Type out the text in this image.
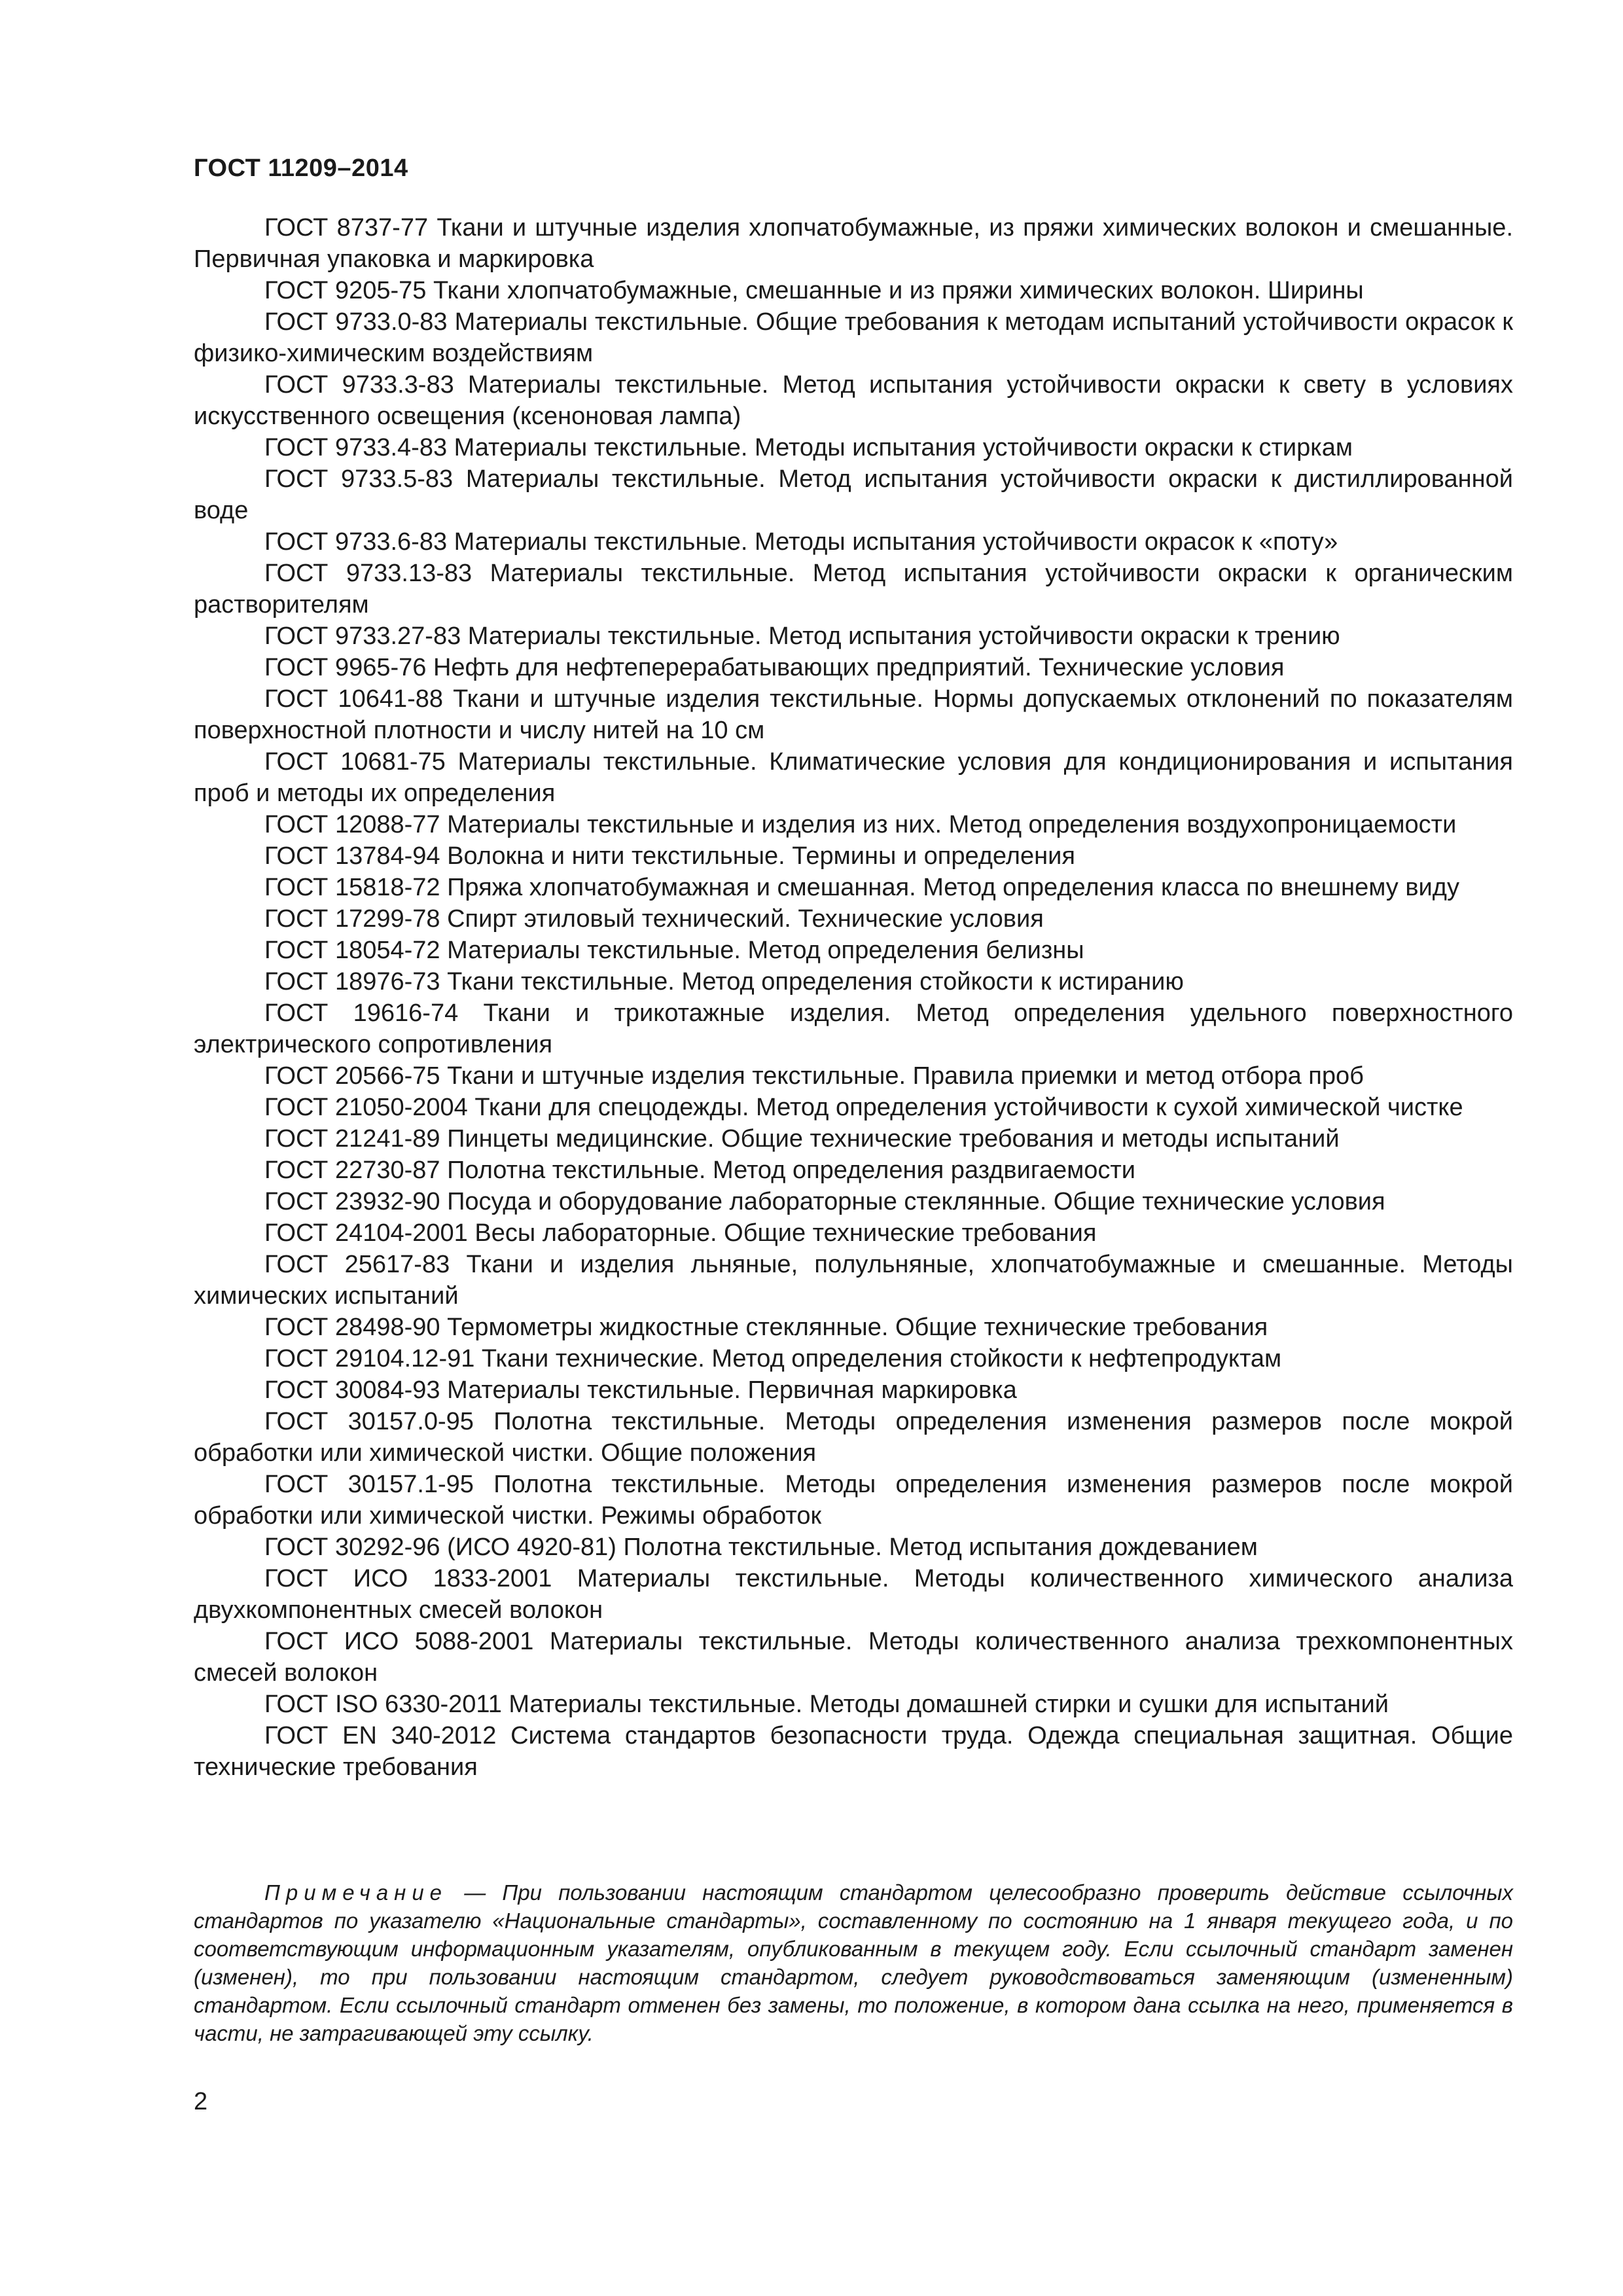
ГОСТ 11209–2014
ГОСТ 8737-77 Ткани и штучные изделия хлопчатобумажные, из пряжи химических волокон и смешанные. Первичная упаковка и маркировка
ГОСТ 9205-75 Ткани хлопчатобумажные, смешанные и из пряжи химических волокон. Ширины
ГОСТ 9733.0-83 Материалы текстильные. Общие требования к методам испытаний устойчивости окрасок к физико-химическим воздействиям
ГОСТ 9733.3-83 Материалы текстильные. Метод испытания устойчивости окраски к свету в условиях искусственного освещения (ксеноновая лампа)
ГОСТ 9733.4-83 Материалы текстильные. Методы испытания устойчивости окраски к стиркам
ГОСТ 9733.5-83 Материалы текстильные. Метод испытания устойчивости окраски к дистиллированной воде
ГОСТ 9733.6-83 Материалы текстильные. Методы испытания устойчивости окрасок к «поту»
ГОСТ 9733.13-83 Материалы текстильные. Метод испытания устойчивости окраски к органическим растворителям
ГОСТ 9733.27-83 Материалы текстильные. Метод испытания устойчивости окраски к трению
ГОСТ 9965-76 Нефть для нефтеперерабатывающих предприятий. Технические условия
ГОСТ 10641-88 Ткани и штучные изделия текстильные. Нормы допускаемых отклонений по показателям поверхностной плотности и числу нитей на 10 см
ГОСТ 10681-75 Материалы текстильные. Климатические условия для кондиционирования и испытания проб и методы их определения
ГОСТ 12088-77 Материалы текстильные и изделия из них. Метод определения воздухопроницаемости
ГОСТ 13784-94 Волокна и нити текстильные. Термины и определения
ГОСТ 15818-72 Пряжа хлопчатобумажная и смешанная. Метод определения класса по внешнему виду
ГОСТ 17299-78 Спирт этиловый технический. Технические условия
ГОСТ 18054-72 Материалы текстильные. Метод определения белизны
ГОСТ 18976-73 Ткани текстильные. Метод определения стойкости к истиранию
ГОСТ 19616-74 Ткани и трикотажные изделия. Метод определения удельного поверхностного электрического сопротивления
ГОСТ 20566-75 Ткани и штучные изделия текстильные. Правила приемки и метод отбора проб
ГОСТ 21050-2004 Ткани для спецодежды. Метод определения устойчивости к сухой химической чистке
ГОСТ 21241-89 Пинцеты медицинские. Общие технические требования и методы испытаний
ГОСТ 22730-87 Полотна текстильные. Метод определения раздвигаемости
ГОСТ 23932-90 Посуда и оборудование лабораторные стеклянные. Общие технические условия
ГОСТ 24104-2001 Весы лабораторные. Общие технические требования
ГОСТ 25617-83 Ткани и изделия льняные, полульняные, хлопчатобумажные и смешанные. Методы химических испытаний
ГОСТ 28498-90 Термометры жидкостные стеклянные. Общие технические требования
ГОСТ 29104.12-91 Ткани технические. Метод определения стойкости к нефтепродуктам
ГОСТ 30084-93 Материалы текстильные. Первичная маркировка
ГОСТ 30157.0-95 Полотна текстильные. Методы определения изменения размеров после мокрой обработки или химической чистки. Общие положения
ГОСТ 30157.1-95 Полотна текстильные. Методы определения изменения размеров после мокрой обработки или химической чистки. Режимы обработок
ГОСТ 30292-96 (ИСО 4920-81) Полотна текстильные. Метод испытания дождеванием
ГОСТ ИСО 1833-2001 Материалы текстильные. Методы количественного химического анализа двухкомпонентных смесей волокон
ГОСТ ИСО 5088-2001 Материалы текстильные. Методы количественного анализа трехкомпонентных смесей волокон
ГОСТ ISO 6330-2011 Материалы текстильные. Методы домашней стирки и сушки для испытаний
ГОСТ EN 340-2012 Система стандартов безопасности труда. Одежда специальная защитная. Общие технические требования

Примечание — При пользовании настоящим стандартом целесообразно проверить действие ссылочных стандартов по указателю «Национальные стандарты», составленному по состоянию на 1 января текущего года, и по соответствующим информационным указателям, опубликованным в текущем году. Если ссылочный стандарт заменен (изменен), то при пользовании настоящим стандартом, следует руководствоваться заменяющим (измененным) стандартом. Если ссылочный стандарт отменен без замены, то положение, в котором дана ссылка на него, применяется в части, не затрагивающей эту ссылку.

2
